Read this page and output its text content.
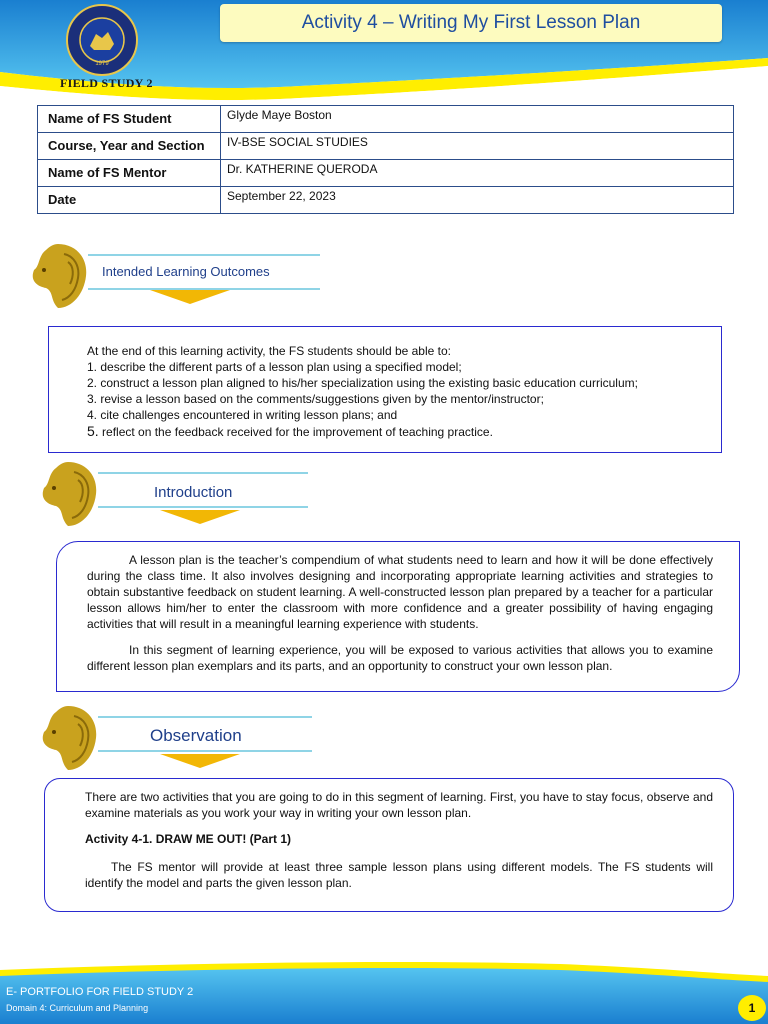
1979
Activity 4 – Writing My First Lesson Plan
FIELD STUDY 2
Name of FS Student	Glyde Maye Boston
Course, Year and Section	IV-BSE SOCIAL STUDIES
Name of FS Mentor	Dr. KATHERINE QUERODA
Date	September 22, 2023
Intended Learning Outcomes

At the end of this learning activity, the FS students should be able to:

1. describe the different parts of a lesson plan using a specified model;

2. construct a lesson plan aligned to his/her specialization using the existing basic education curriculum;

3. revise a lesson based on the comments/suggestions given by the mentor/instructor;

4. cite challenges encountered in writing lesson plans; and

5. reflect on the feedback received for the improvement of teaching practice.

Introduction

A lesson plan is the teacher’s compendium of what students need to learn and how it will be done effectively during the class time. It also involves designing and incorporating appropriate learning activities and strategies to obtain substantive feedback on student learning. A well-constructed lesson plan prepared by a teacher for a particular lesson allows him/her to enter the classroom with more confidence and a greater possibility of having engaging activities that will result in a meaningful learning experience with students.

In this segment of learning experience, you will be exposed to various activities that allows you to examine different lesson plan exemplars and its parts, and an opportunity to construct your own lesson plan.

Observation

There are two activities that you are going to do in this segment of learning. First, you have to stay focus, observe and examine materials as you work your way in writing your own lesson plan.

Activity 4-1. DRAW ME OUT! (Part 1)

The FS mentor will provide at least three sample lesson plans using different models. The FS students will identify the model and parts the given lesson plan.

E- PORTFOLIO FOR FIELD STUDY 2
Domain 4: Curriculum and Planning	1
